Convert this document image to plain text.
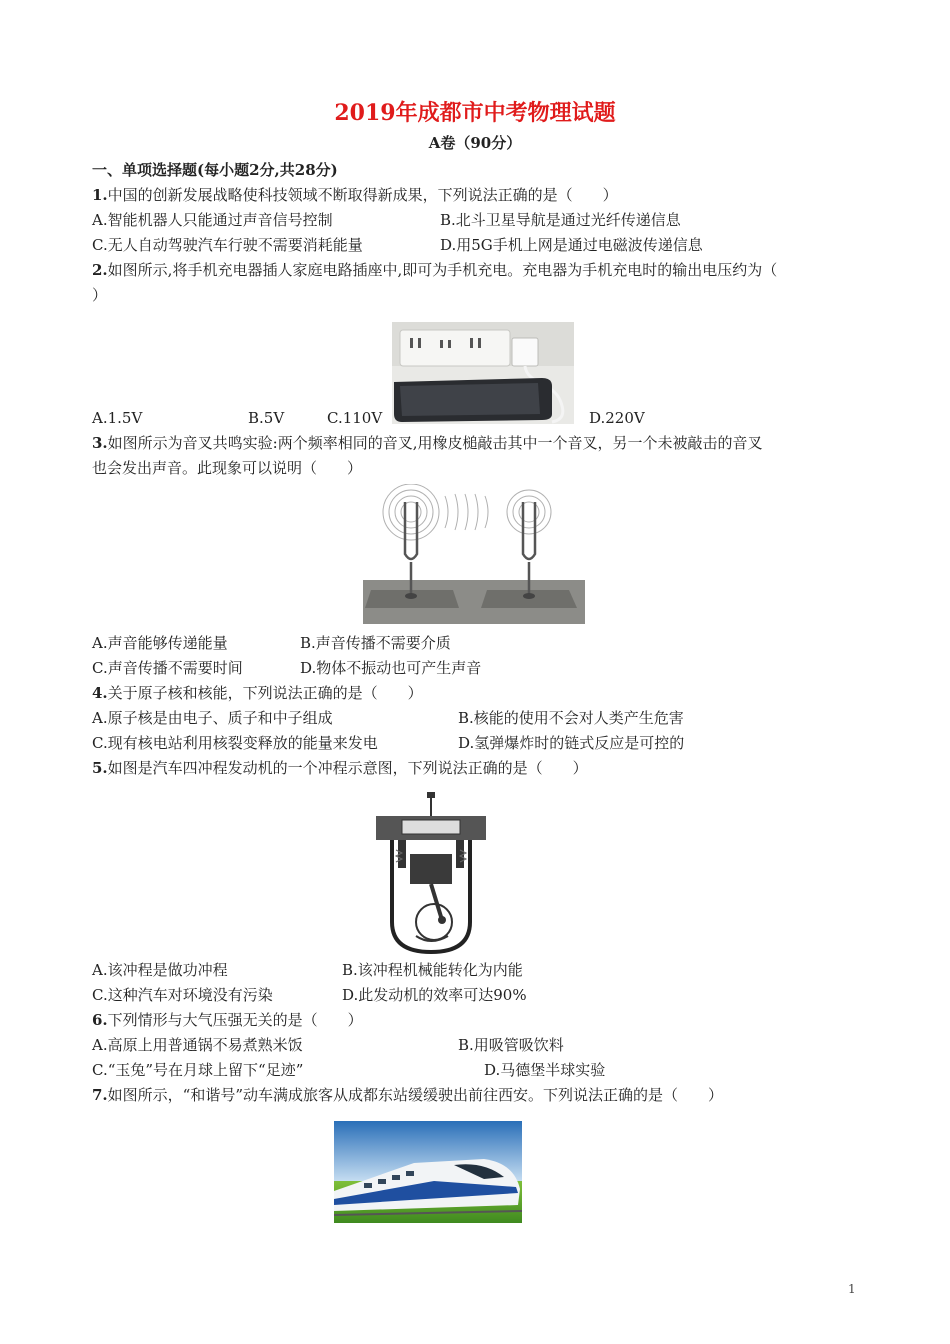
2019年成都市中考物理试题
A卷（90分）
一、单项选择题(每小题2分,共28分)
1.中国的创新发展战略使科技领域不断取得新成果，下列说法正确的是（　　）
A.智能机器人只能通过声音信号控制	B.北斗卫星导航是通过光纤传递信息
C.无人自动驾驶汽车行驶不需要消耗能量	D.用5G手机上网是通过电磁波传递信息
2.如图所示,将手机充电器插人家庭电路插座中,即可为手机充电。充电器为手机充电时的输出电压约为（
）
A.1.5V	B.5V	C.110V	D.220V
3.如图所示为音叉共鸣实验:两个频率相同的音叉,用橡皮槌敲击其中一个音叉，另一个未被敲击的音叉
也会发出声音。此现象可以说明（　　）
A.声音能够传递能量	B.声音传播不需要介质
C.声音传播不需要时间	D.物体不振动也可产生声音
4.关于原子核和核能，下列说法正确的是（　　）
A.原子核是由电子、质子和中子组成	B.核能的使用不会对人类产生危害
C.现有核电站利用核裂变释放的能量来发电	D.氢弹爆炸时的链式反应是可控的
5.如图是汽车四冲程发动机的一个冲程示意图，下列说法正确的是（　　）
A.该冲程是做功冲程	B.该冲程机械能转化为内能
C.这种汽车对环境没有污染	D.此发动机的效率可达90%
6.下列情形与大气压强无关的是（　　）
A.高原上用普通锅不易煮熟米饭	B.用吸管吸饮料
C.“玉兔”号在月球上留下“足迹”	D.马德堡半球实验
7.如图所示，“和谐号”动车满成旅客从成都东站缓缓驶出前往西安。下列说法正确的是（　　）
1
